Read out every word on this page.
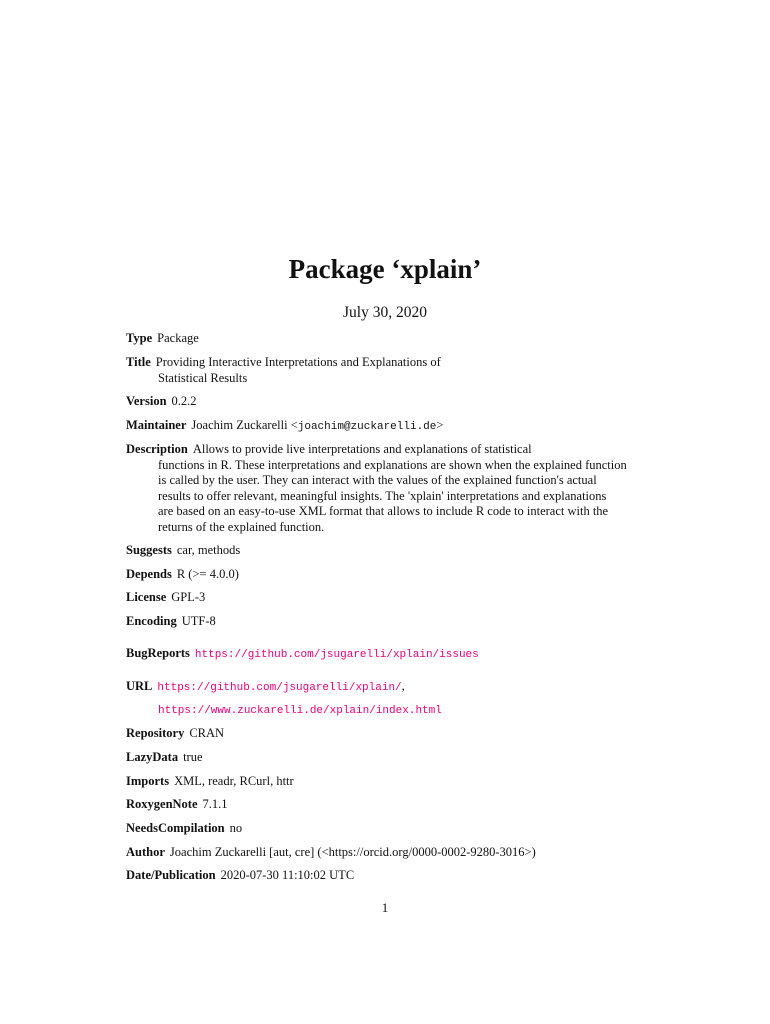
Package ‘xplain’
July 30, 2020
Type Package
Title Providing Interactive Interpretations and Explanations of
Statistical Results
Version 0.2.2
Maintainer Joachim Zuckarelli <joachim@zuckarelli.de>
Description Allows to provide live interpretations and explanations of statistical
functions in R. These interpretations and explanations are shown when the explained function
is called by the user. They can interact with the values of the explained function's actual
results to offer relevant, meaningful insights. The 'xplain' interpretations and explanations
are based on an easy-to-use XML format that allows to include R code to interact with the
returns of the explained function.
Suggests car, methods
Depends R (>= 4.0.0)
License GPL-3
Encoding UTF-8
BugReports https://github.com/jsugarelli/xplain/issues
URL https://github.com/jsugarelli/xplain/,
https://www.zuckarelli.de/xplain/index.html
Repository CRAN
LazyData true
Imports XML, readr, RCurl, httr
RoxygenNote 7.1.1
NeedsCompilation no
Author Joachim Zuckarelli [aut, cre] (<https://orcid.org/0000-0002-9280-3016>)
Date/Publication 2020-07-30 11:10:02 UTC
1
